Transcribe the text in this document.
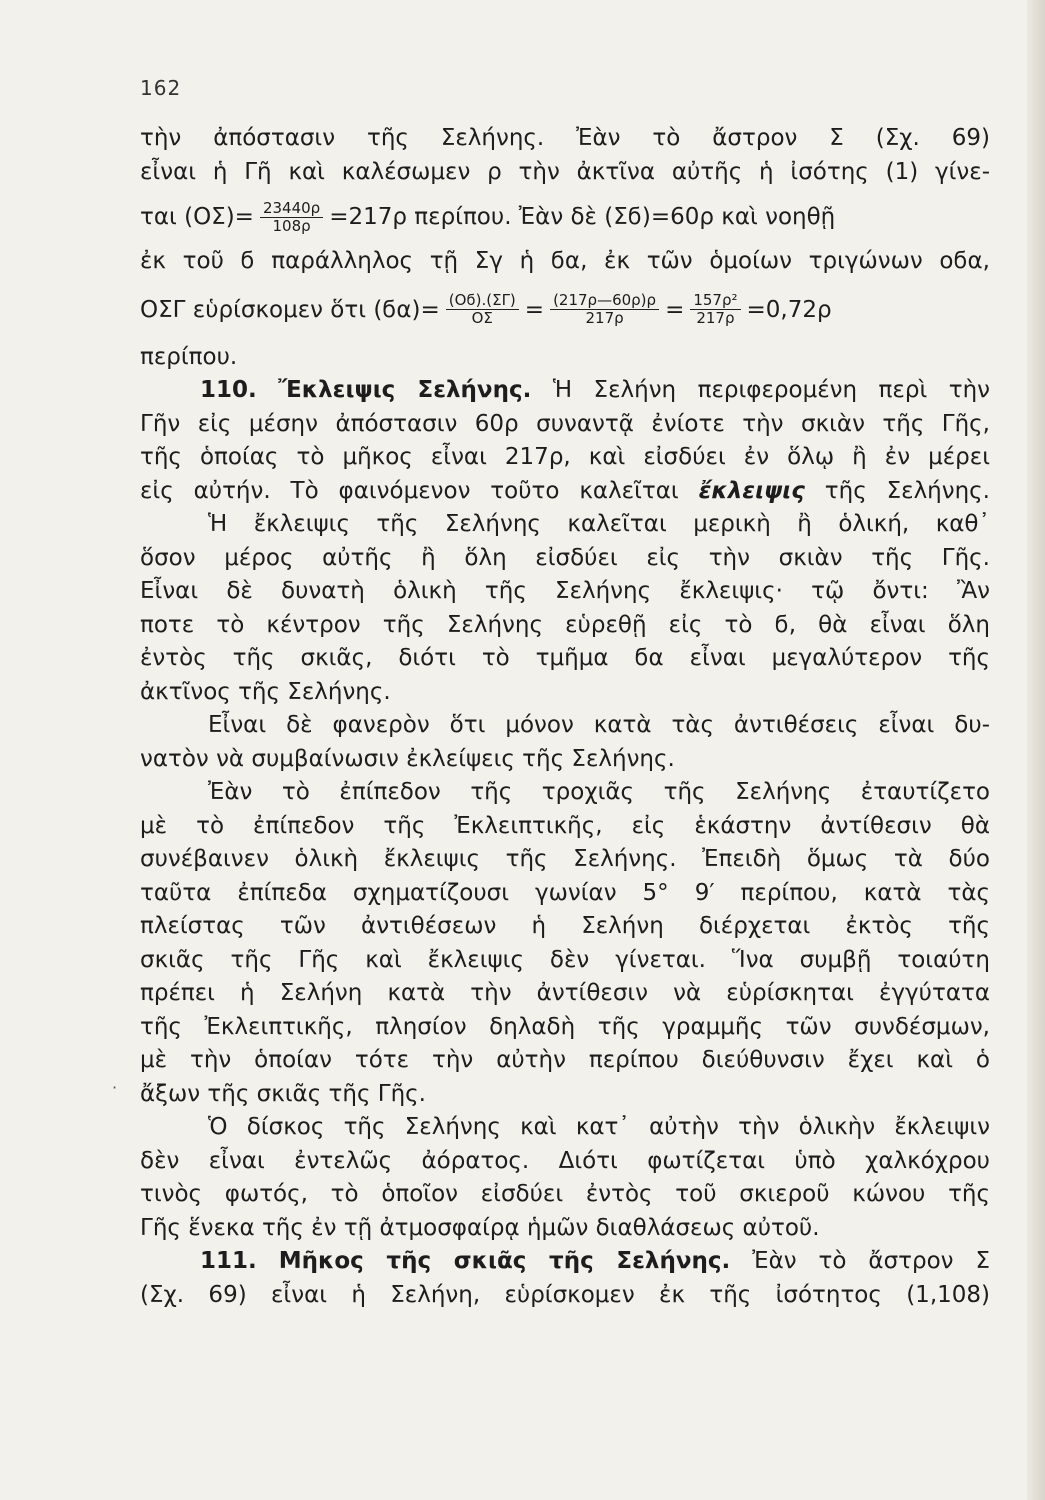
162
·
τὴν ἀπόστασιν τῆς Σελήνης. Ἐὰν τὸ ἄστρον Σ (Σχ. 69)
εἶναι ἡ Γῆ καὶ καλέσωμεν ρ τὴν ἀκτῖνα αὐτῆς ἡ ἰσότης (1) γίνε-
ται $(O\Sigma)= \frac{23440\rho}{108\rho} =217\rho$ περίπου. Ἐὰν δὲ (Σϭ)=60ρ καὶ νοηθῇ
ἐκ τοῦ ϭ παράλληλος τῇ Σγ ἡ ϭα, ἐκ τῶν ὁμοίων τριγώνων οϭα,
ΟΣΓ εὑρίσκομεν ὅτι $(ϭ\alpha)= \frac{(Oϭ).(\Sigma\Gamma)}{O\Sigma} = \frac{(217\rho—60\rho)\rho}{217\rho} = \frac{\text{157ρ²}}{217\rho} =0,72\rho$
περίπου.
110. Ἔκλειψις Σελήνης. Ἡ Σελήνη περιφερομένη περὶ τὴν
Γῆν εἰς μέσην ἀπόστασιν 60ρ συναντᾷ ἐνίοτε τὴν σκιὰν τῆς Γῆς,
τῆς ὁποίας τὸ μῆκος εἶναι 217ρ, καὶ εἰσδύει ἐν ὅλῳ ἢ ἐν μέρει
εἰς αὐτήν. Τὸ φαινόμενον τοῦτο καλεῖται ἔκλειψις τῆς Σελήνης.
Ἡ ἔκλειψις τῆς Σελήνης καλεῖται μερικὴ ἢ ὁλική, καθ᾽
ὅσον μέρος αὐτῆς ἢ ὅλη εἰσδύει εἰς τὴν σκιὰν τῆς Γῆς.
Εἶναι δὲ δυνατὴ ὁλικὴ τῆς Σελήνης ἔκλειψις· τῷ ὄντι: Ἂν
ποτε τὸ κέντρον τῆς Σελήνης εὑρεθῇ εἰς τὸ ϭ, θὰ εἶναι ὅλη
ἐντὸς τῆς σκιᾶς, διότι τὸ τμῆμα ϭα εἶναι μεγαλύτερον τῆς
ἀκτῖνος τῆς Σελήνης.
Εἶναι δὲ φανερὸν ὅτι μόνον κατὰ τὰς ἀντιθέσεις εἶναι δυ-
νατὸν νὰ συμβαίνωσιν ἐκλείψεις τῆς Σελήνης.
Ἐὰν τὸ ἐπίπεδον τῆς τροχιᾶς τῆς Σελήνης ἐταυτίζετο
μὲ τὸ ἐπίπεδον τῆς Ἐκλειπτικῆς, εἰς ἑκάστην ἀντίθεσιν θὰ
συνέβαινεν ὁλικὴ ἔκλειψις τῆς Σελήνης. Ἐπειδὴ ὅμως τὰ δύο
ταῦτα ἐπίπεδα σχηματίζουσι γωνίαν 5° 9′ περίπου, κατὰ τὰς
πλείστας τῶν ἀντιθέσεων ἡ Σελήνη διέρχεται ἐκτὸς τῆς
σκιᾶς τῆς Γῆς καὶ ἔκλειψις δὲν γίνεται. Ἵνα συμβῇ τοιαύτη
πρέπει ἡ Σελήνη κατὰ τὴν ἀντίθεσιν νὰ εὑρίσκηται ἐγγύτατα
τῆς Ἐκλειπτικῆς, πλησίον δηλαδὴ τῆς γραμμῆς τῶν συνδέσμων,
μὲ τὴν ὁποίαν τότε τὴν αὐτὴν περίπου διεύθυνσιν ἔχει καὶ ὁ
ἄξων τῆς σκιᾶς τῆς Γῆς.
Ὁ δίσκος τῆς Σελήνης καὶ κατ᾽ αὐτὴν τὴν ὁλικὴν ἔκλειψιν
δὲν εἶναι ἐντελῶς ἀόρατος. Διότι φωτίζεται ὑπὸ χαλκόχρου
τινὸς φωτός, τὸ ὁποῖον εἰσδύει ἐντὸς τοῦ σκιεροῦ κώνου τῆς
Γῆς ἕνεκα τῆς ἐν τῇ ἀτμοσφαίρᾳ ἡμῶν διαθλάσεως αὐτοῦ.
111. Μῆκος τῆς σκιᾶς τῆς Σελήνης. Ἐὰν τὸ ἄστρον Σ
(Σχ. 69) εἶναι ἡ Σελήνη, εὑρίσκομεν ἐκ τῆς ἰσότητος (1,108)
